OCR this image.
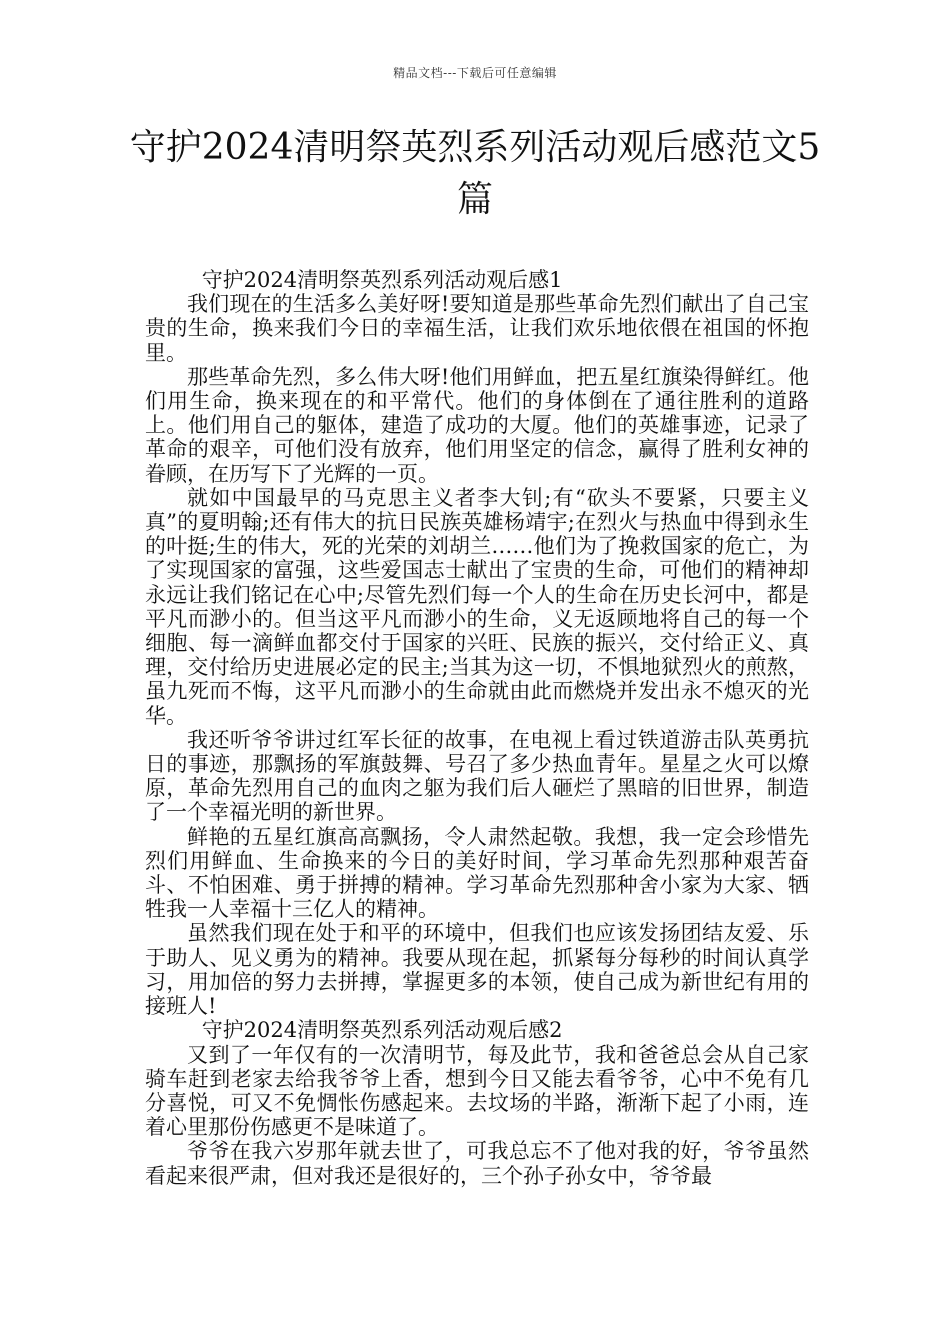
精品文档---下载后可任意编辑
守护2024清明祭英烈系列活动观后感范文5篇

守护2024清明祭英烈系列活动观后感1

我们现在的生活多么美好呀!要知道是那些革命先烈们献出了自己宝贵的生命，换来我们今日的幸福生活，让我们欢乐地依偎在祖国的怀抱里。

那些革命先烈，多么伟大呀!他们用鲜血，把五星红旗染得鲜红。他们用生命，换来现在的和平常代。他们的身体倒在了通往胜利的道路上。他们用自己的躯体，建造了成功的大厦。他们的英雄事迹，记录了革命的艰辛，可他们没有放弃，他们用坚定的信念，赢得了胜利女神的眷顾，在历写下了光辉的一页。

就如中国最早的马克思主义者李大钊;有“砍头不要紧，只要主义真”的夏明翰;还有伟大的抗日民族英雄杨靖宇;在烈火与热血中得到永生的叶挺;生的伟大，死的光荣的刘胡兰……他们为了挽救国家的危亡，为了实现国家的富强，这些爱国志士献出了宝贵的生命，可他们的精神却永远让我们铭记在心中;尽管先烈们每一个人的生命在历史长河中，都是平凡而渺小的。但当这平凡而渺小的生命，义无返顾地将自己的每一个细胞、每一滴鲜血都交付于国家的兴旺、民族的振兴，交付给正义、真理，交付给历史进展必定的民主;当其为这一切，不惧地狱烈火的煎熬，虽九死而不悔，这平凡而渺小的生命就由此而燃烧并发出永不熄灭的光华。

我还听爷爷讲过红军长征的故事，在电视上看过铁道游击队英勇抗日的事迹，那飘扬的军旗鼓舞、号召了多少热血青年。星星之火可以燎原，革命先烈用自己的血肉之躯为我们后人砸烂了黑暗的旧世界，制造了一个幸福光明的新世界。

鲜艳的五星红旗高高飘扬，令人肃然起敬。我想，我一定会珍惜先烈们用鲜血、生命换来的今日的美好时间，学习革命先烈那种艰苦奋斗、不怕困难、勇于拼搏的精神。学习革命先烈那种舍小家为大家、牺牲我一人幸福十三亿人的精神。

虽然我们现在处于和平的环境中，但我们也应该发扬团结友爱、乐于助人、见义勇为的精神。我要从现在起，抓紧每分每秒的时间认真学习，用加倍的努力去拼搏，掌握更多的本领，使自己成为新世纪有用的接班人!

守护2024清明祭英烈系列活动观后感2

又到了一年仅有的一次清明节，每及此节，我和爸爸总会从自己家骑车赶到老家去给我爷爷上香，想到今日又能去看爷爷，心中不免有几分喜悦，可又不免惆怅伤感起来。去坟场的半路，渐渐下起了小雨，连着心里那份伤感更不是味道了。

爷爷在我六岁那年就去世了，可我总忘不了他对我的好，爷爷虽然看起来很严肃，但对我还是很好的，三个孙子孙女中，爷爷最
